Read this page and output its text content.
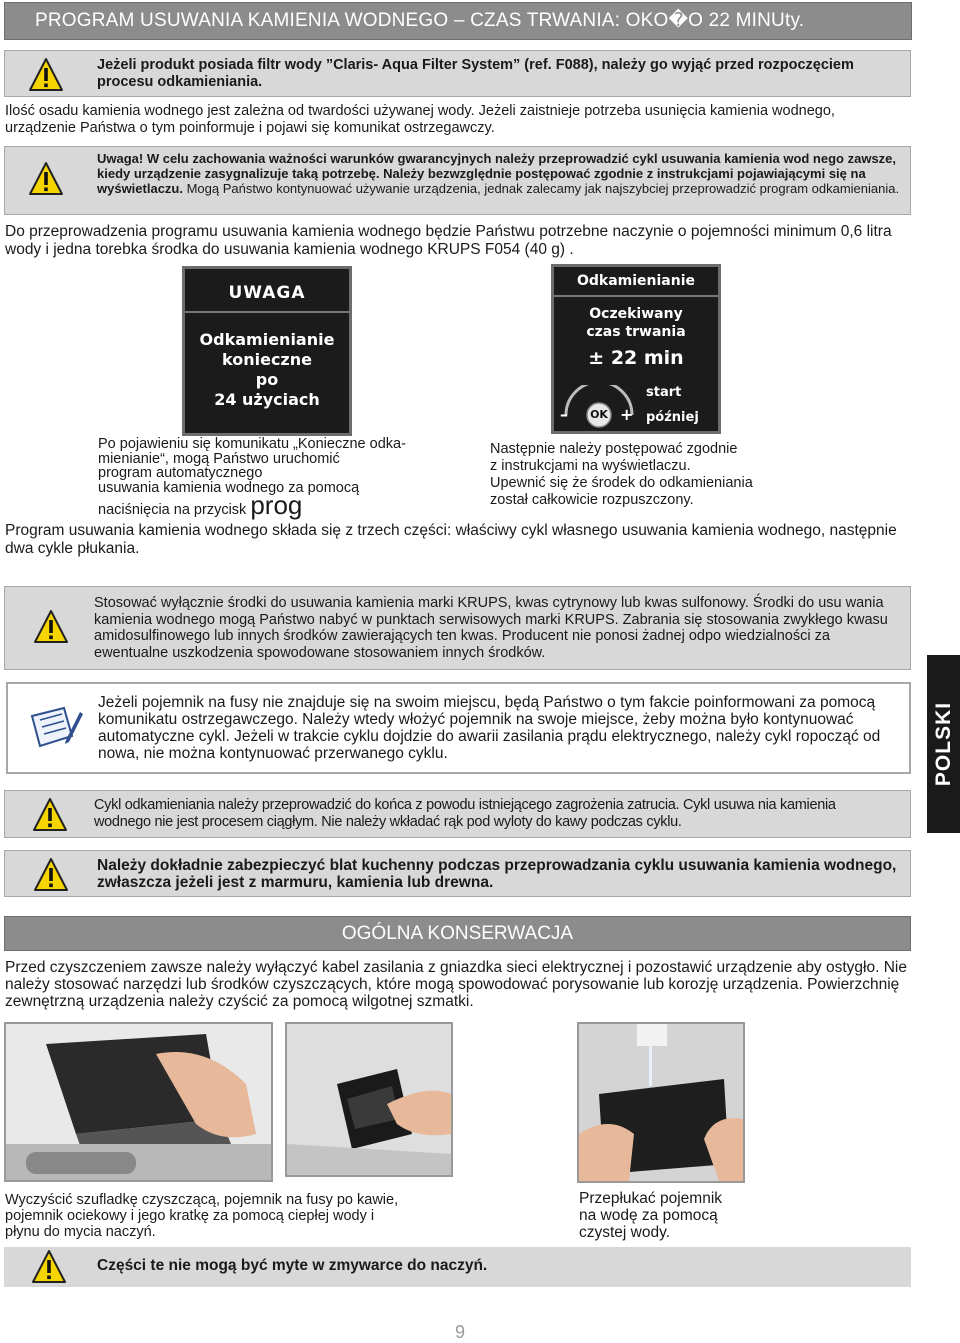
PROGRAM USUWANIA KAMIENIA WODNEGO – CZAS TRWANIA: OKO�O 22 MINUty.
Jeżeli produkt posiada filtr wody ”Claris- Aqua Filter System” (ref. F088), należy go wyjąć przed rozpoczęciem procesu odkamieniania.
Ilość osadu kamienia wodnego jest zależna od twardości używanej wody. Jeżeli zaistnieje potrzeba usunięcia kamienia wodnego, urządzenie Państwa o tym poinformuje i pojawi się komunikat ostrzegawczy.
Uwaga! W celu zachowania ważności warunków gwarancyjnych należy przeprowadzić cykl usuwania kamienia wod nego zawsze, kiedy urządzenie zasygnalizuje taką potrzebę. Należy bezwzględnie postępować zgodnie z instrukcjami pojawiającymi się na wyświetlaczu. Mogą Państwo kontynuować używanie urządzenia, jednak zalecamy jak najszybciej przeprowadzić program odkamieniania.
Do przeprowadzenia programu usuwania kamienia wodnego będzie Państwu potrzebne naczynie o pojemności minimum 0,6 litra wody i jedna torebka środka do usuwania kamienia wodnego KRUPS F054 (40 g) .
UWAGA
Odkamienianie
konieczne
po
24 użyciach
Odkamienianie
Oczekiwany
czas trwania
± 22 min
start
później
OK
–	+
Po pojawieniu się komunikatu „Konieczne odka-
mienianie“, mogą Państwo uruchomić
program automatycznego
usuwania kamienia wodnego za pomocą
naciśnięcia na przycisk prog
Następnie należy postępować zgodnie
z instrukcjami na wyświetlaczu.
Upewnić się że środek do odkamieniania
został całkowicie rozpuszczony.
Program usuwania kamienia wodnego składa się z trzech części: właściwy cykl własnego usuwania kamienia wodnego, następnie dwa cykle płukania.
Stosować wyłącznie środki do usuwania kamienia marki KRUPS, kwas cytrynowy lub kwas sulfonowy. Środki do usu wania kamienia wodnego mogą Państwo nabyć w punktach serwisowych marki KRUPS. Zabrania się stosowania zwykłego kwasu amidosulfinowego lub innych środków zawierających ten kwas. Producent nie ponosi żadnej odpo wiedzialności za ewentualne uszkodzenia spowodowane stosowaniem innych środków.
Jeżeli pojemnik na fusy nie znajduje się na swoim miejscu, będą Państwo o tym fakcie poinformowani za pomocą komunikatu ostrzegawczego. Należy wtedy włożyć pojemnik na swoje miejsce, żeby można było kontynuować automatyczne cykl. Jeżeli w trakcie cyklu dojdzie do awarii zasilania prądu elektrycznego, należy cykl ropocząć od nowa, nie można kontynuować przerwanego cyklu.
Cykl odkamieniania należy przeprowadzić do końca z powodu istniejącego zagrożenia zatrucia. Cykl usuwa nia kamienia wodnego nie jest procesem ciągłym. Nie należy wkładać rąk pod wyloty do kawy podczas cyklu.
Należy dokładnie zabezpieczyć blat kuchenny podczas przeprowadzania cyklu usuwania kamienia wodnego, zwłaszcza jeżeli jest z marmuru, kamienia lub drewna.
OGÓLNA KONSERWACJA
Przed czyszczeniem zawsze należy wyłączyć kabel zasilania z gniazdka sieci elektrycznej i pozostawić urządzenie aby ostygło. Nie należy stosować narzędzi lub środków czyszczących, które mogą spowodować porysowanie lub korozję urządzenia. Powierzchnię zewnętrzną urządzenia należy czyścić za pomocą wilgotnej szmatki.
Wyczyścić szufladkę czyszczącą, pojemnik na fusy po kawie,
pojemnik ociekowy i jego kratkę za pomocą ciepłej wody i
płynu do mycia naczyń.
Przepłukać pojemnik
na wodę za pomocą
czystej wody.
Części te nie mogą być myte w zmywarce do naczyń.
POLSKI
9
